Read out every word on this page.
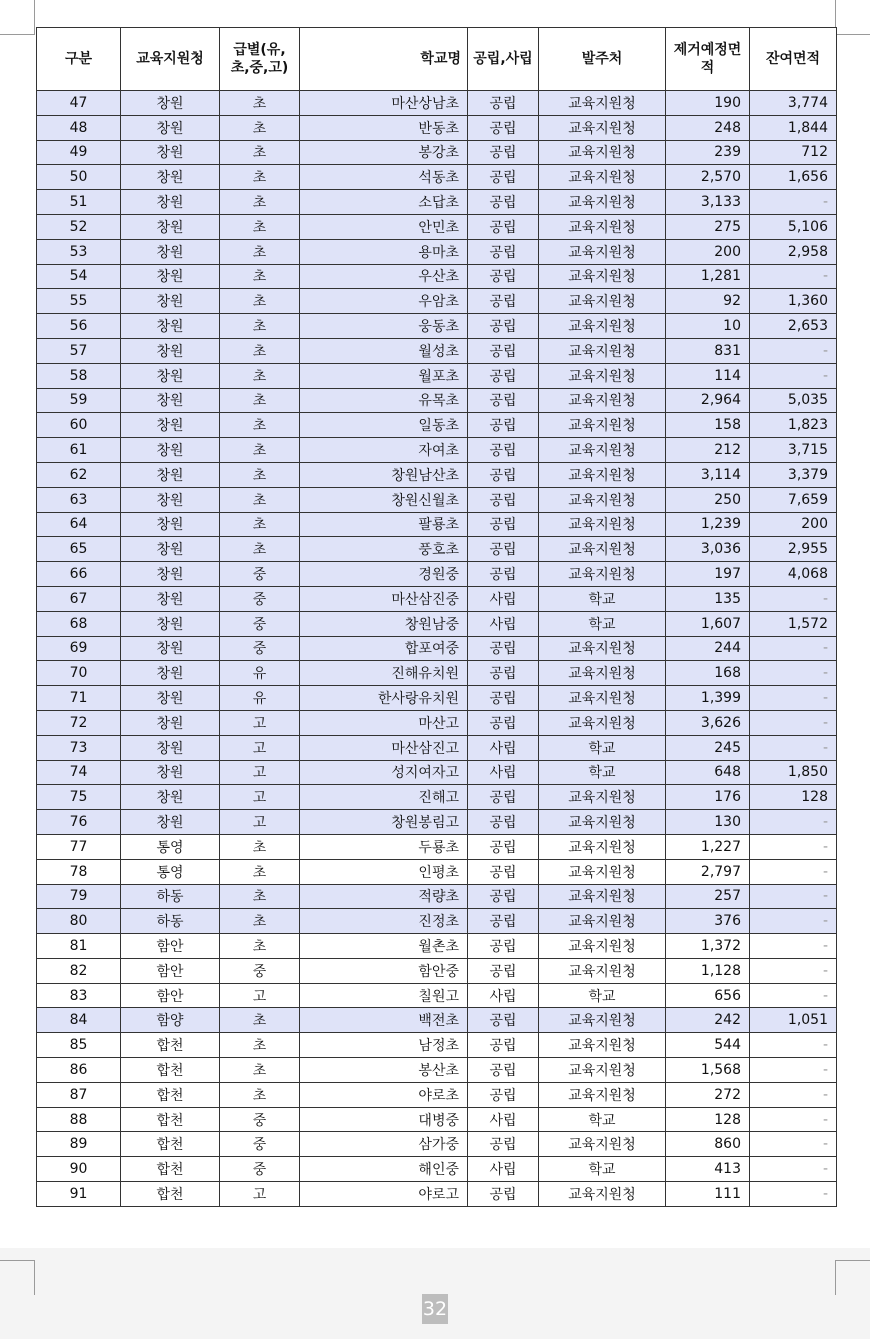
구분	교육지원청	급별(유,초,중,고)	학교명	공립,사립	발주처	제거예정면적	잔여면적
47	창원	초	마산상남초	공립	교육지원청	190	3,774
48	창원	초	반동초	공립	교육지원청	248	1,844
49	창원	초	봉강초	공립	교육지원청	239	712
50	창원	초	석동초	공립	교육지원청	2,570	1,656
51	창원	초	소답초	공립	교육지원청	3,133	-
52	창원	초	안민초	공립	교육지원청	275	5,106
53	창원	초	용마초	공립	교육지원청	200	2,958
54	창원	초	우산초	공립	교육지원청	1,281	-
55	창원	초	우암초	공립	교육지원청	92	1,360
56	창원	초	웅동초	공립	교육지원청	10	2,653
57	창원	초	월성초	공립	교육지원청	831	-
58	창원	초	월포초	공립	교육지원청	114	-
59	창원	초	유목초	공립	교육지원청	2,964	5,035
60	창원	초	일동초	공립	교육지원청	158	1,823
61	창원	초	자여초	공립	교육지원청	212	3,715
62	창원	초	창원남산초	공립	교육지원청	3,114	3,379
63	창원	초	창원신월초	공립	교육지원청	250	7,659
64	창원	초	팔룡초	공립	교육지원청	1,239	200
65	창원	초	풍호초	공립	교육지원청	3,036	2,955
66	창원	중	경원중	공립	교육지원청	197	4,068
67	창원	중	마산삼진중	사립	학교	135	-
68	창원	중	창원남중	사립	학교	1,607	1,572
69	창원	중	합포여중	공립	교육지원청	244	-
70	창원	유	진해유치원	공립	교육지원청	168	-
71	창원	유	한사랑유치원	공립	교육지원청	1,399	-
72	창원	고	마산고	공립	교육지원청	3,626	-
73	창원	고	마산삼진고	사립	학교	245	-
74	창원	고	성지여자고	사립	학교	648	1,850
75	창원	고	진해고	공립	교육지원청	176	128
76	창원	고	창원봉림고	공립	교육지원청	130	-
77	통영	초	두룡초	공립	교육지원청	1,227	-
78	통영	초	인평초	공립	교육지원청	2,797	-
79	하동	초	적량초	공립	교육지원청	257	-
80	하동	초	진정초	공립	교육지원청	376	-
81	함안	초	월촌초	공립	교육지원청	1,372	-
82	함안	중	함안중	공립	교육지원청	1,128	-
83	함안	고	칠원고	사립	학교	656	-
84	함양	초	백전초	공립	교육지원청	242	1,051
85	합천	초	남정초	공립	교육지원청	544	-
86	합천	초	봉산초	공립	교육지원청	1,568	-
87	합천	초	야로초	공립	교육지원청	272	-
88	합천	중	대병중	사립	학교	128	-
89	합천	중	삼가중	공립	교육지원청	860	-
90	합천	중	해인중	사립	학교	413	-
91	합천	고	야로고	공립	교육지원청	111	-
32
